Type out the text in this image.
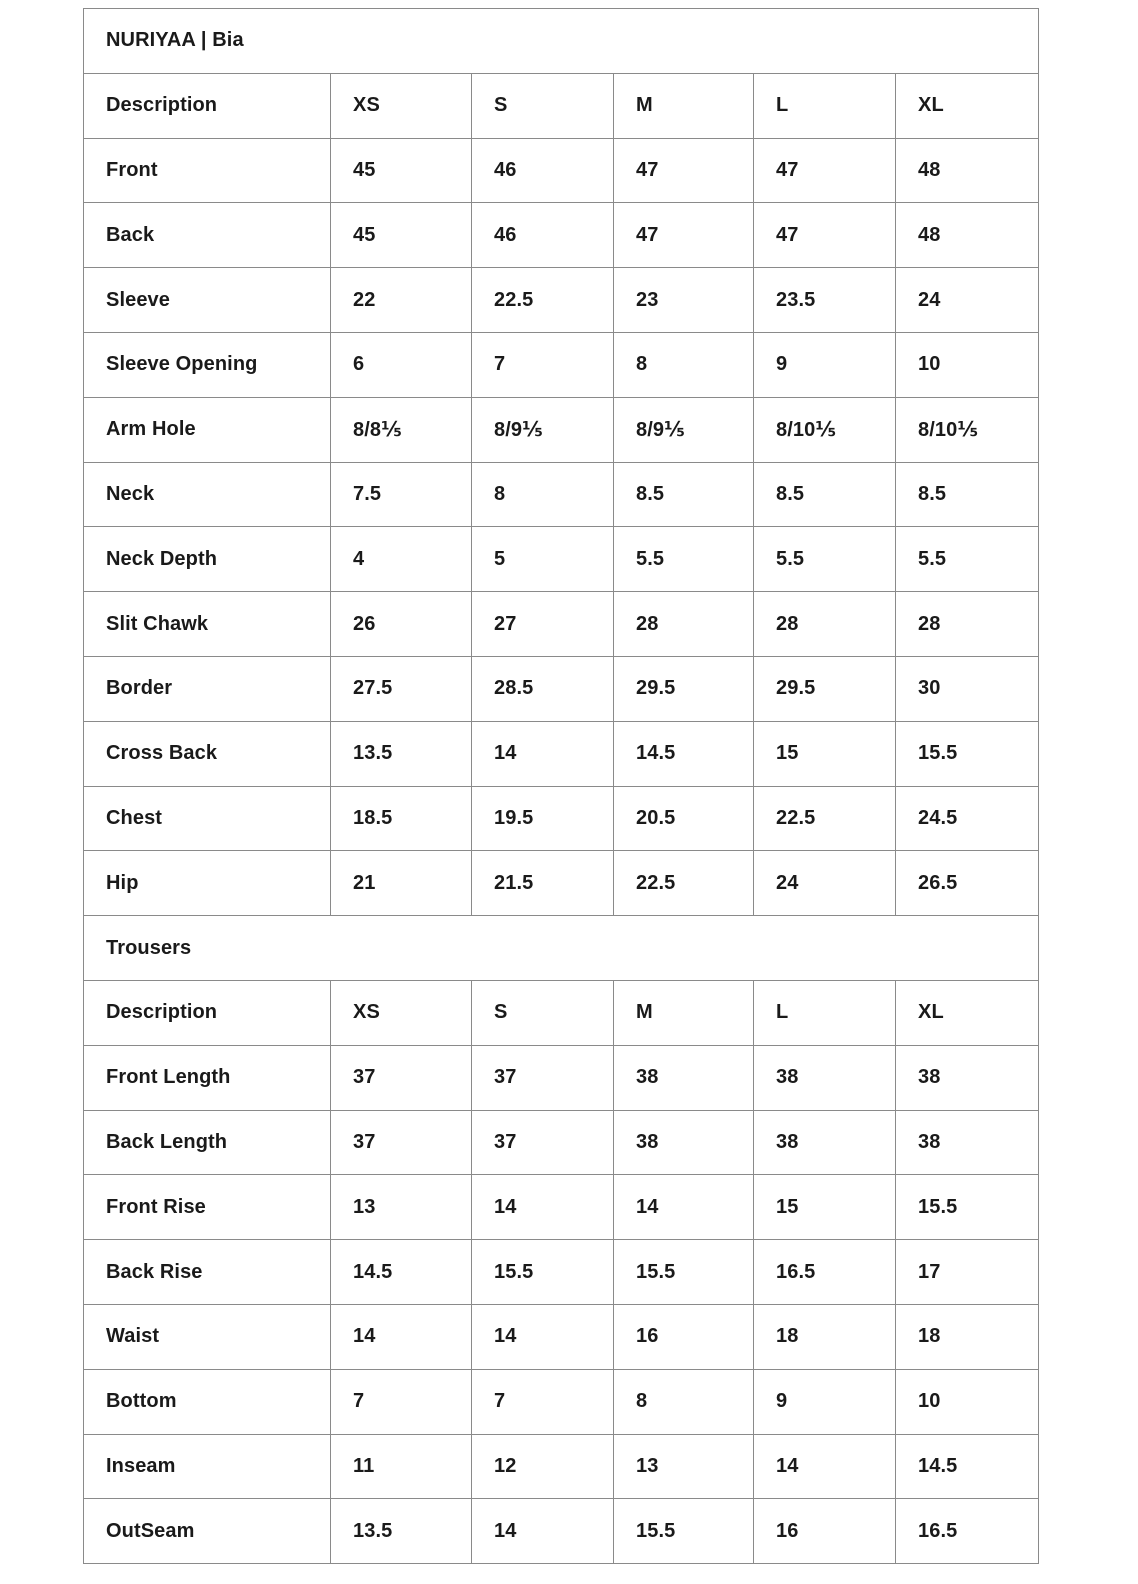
NURIYAA | Bia					
Description	XS	S	M	L	XL
Front	45	46	47	47	48
Back	45	46	47	47	48
Sleeve	22	22.5	23	23.5	24
Sleeve Opening	6	7	8	9	10
Arm Hole	8/8⅕	8/9⅕	8/9⅕	8/10⅕	8/10⅕
Neck	7.5	8	8.5	8.5	8.5
Neck Depth	4	5	5.5	5.5	5.5
Slit Chawk	26	27	28	28	28
Border	27.5	28.5	29.5	29.5	30
Cross Back	13.5	14	14.5	15	15.5
Chest	18.5	19.5	20.5	22.5	24.5
Hip	21	21.5	22.5	24	26.5
Trousers					
Description	XS	S	M	L	XL
Front Length	37	37	38	38	38
Back Length	37	37	38	38	38
Front Rise	13	14	14	15	15.5
Back Rise	14.5	15.5	15.5	16.5	17
Waist	14	14	16	18	18
Bottom	7	7	8	9	10
Inseam	11	12	13	14	14.5
OutSeam	13.5	14	15.5	16	16.5
